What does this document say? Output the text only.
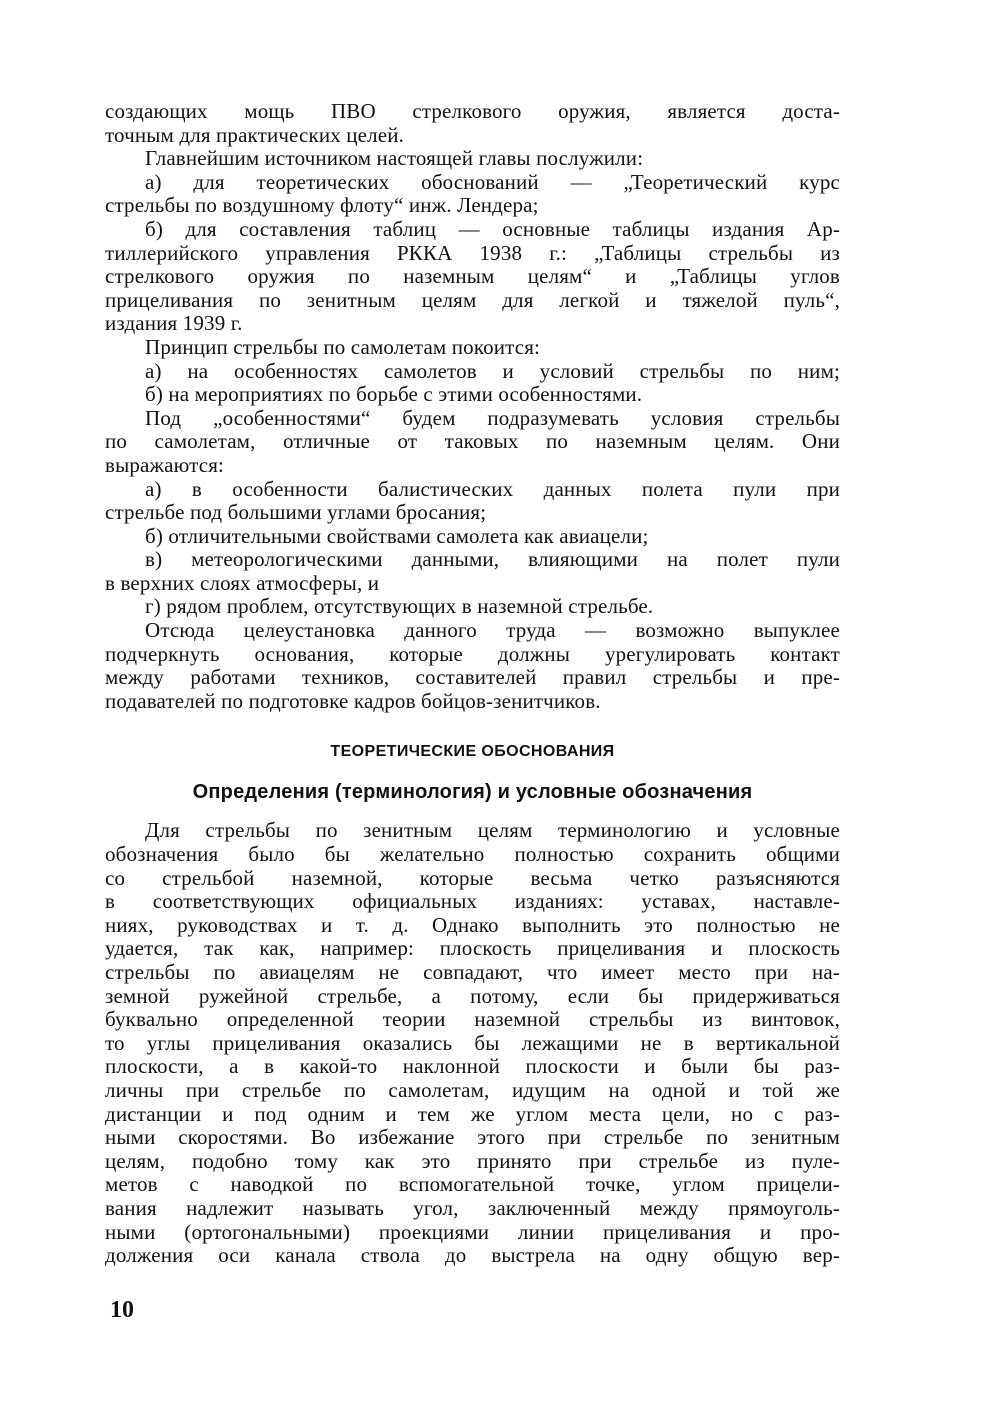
создающих мощь ПВО стрелкового оружия, является доста-
точным для практических целей.
Главнейшим источником настоящей главы послужили:
а) для теоретических обоснований — „Теоретический курс
стрельбы по воздушному флоту“ инж. Лендера;
б) для составления таблиц — основные таблицы издания Ар-
тиллерийского управления РККА 1938 г.: „Таблицы стрельбы из
стрелкового оружия по наземным целям“ и „Таблицы углов
прицеливания по зенитным целям для легкой и тяжелой пуль“,
издания 1939 г.
Принцип стрельбы по самолетам покоится:
а) на особенностях самолетов и условий стрельбы по ним;
б) на мероприятиях по борьбе с этими особенностями.
Под „особенностями“ будем подразумевать условия стрельбы
по самолетам, отличные от таковых по наземным целям. Они
выражаются:
а) в особенности балистических данных полета пули при
стрельбе под большими углами бросания;
б) отличительными свойствами самолета как авиацели;
в) метеорологическими данными, влияющими на полет пули
в верхних слоях атмосферы, и
г) рядом проблем, отсутствующих в наземной стрельбе.
Отсюда целеустановка данного труда — возможно выпуклее
подчеркнуть основания, которые должны урегулировать контакт
между работами техников, составителей правил стрельбы и пре-
подавателей по подготовке кадров бойцов-зенитчиков.
ТЕОРЕТИЧЕСКИЕ ОБОСНОВАНИЯ
Определения (терминология) и условные обозначения
Для стрельбы по зенитным целям терминологию и условные
обозначения было бы желательно полностью сохранить общими
со стрельбой наземной, которые весьма четко разъясняются
в соответствующих официальных изданиях: уставах, наставле-
ниях, руководствах и т. д. Однако выполнить это полностью не
удается, так как, например: плоскость прицеливания и плоскость
стрельбы по авиацелям не совпадают, что имеет место при на-
земной ружейной стрельбе, а потому, если бы придерживаться
буквально определенной теории наземной стрельбы из винтовок,
то углы прицеливания оказались бы лежащими не в вертикальной
плоскости, а в какой-то наклонной плоскости и были бы раз-
личны при стрельбе по самолетам, идущим на одной и той же
дистанции и под одним и тем же углом места цели, но с раз-
ными скоростями. Во избежание этого при стрельбе по зенитным
целям, подобно тому как это принято при стрельбе из пуле-
метов с наводкой по вспомогательной точке, углом прицели-
вания надлежит называть угол, заключенный между прямоуголь-
ными (ортогональными) проекциями линии прицеливания и про-
должения оси канала ствола до выстрела на одну общую вер-
10
